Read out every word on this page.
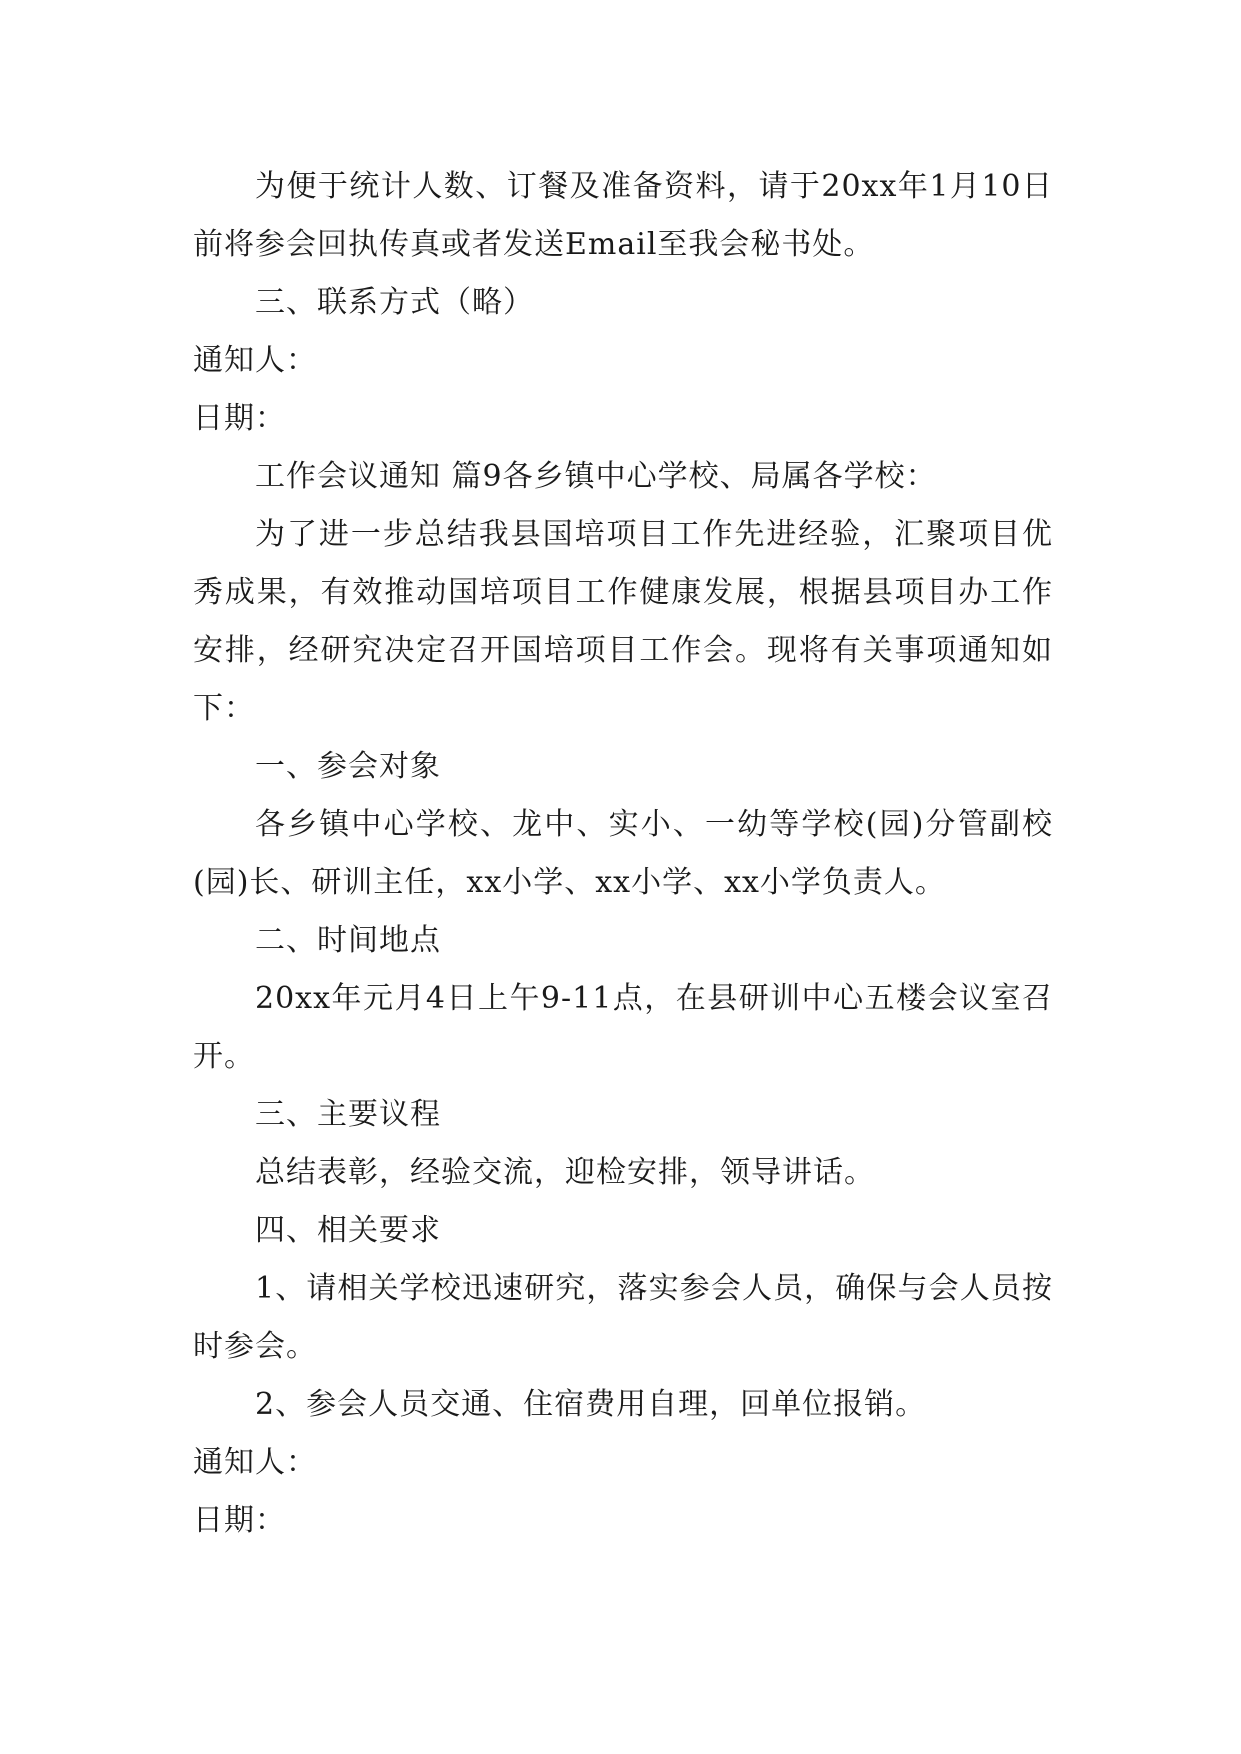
为便于统计人数、订餐及准备资料，请于20xx年1月10日前将参会回执传真或者发送Email至我会秘书处。

三、联系方式（略）

通知人：

日期：

工作会议通知 篇9各乡镇中心学校、局属各学校：

为了进一步总结我县国培项目工作先进经验，汇聚项目优秀成果，有效推动国培项目工作健康发展，根据县项目办工作安排，经研究决定召开国培项目工作会。现将有关事项通知如下：

一、参会对象

各乡镇中心学校、龙中、实小、一幼等学校(园)分管副校(园)长、研训主任，xx小学、xx小学、xx小学负责人。

二、时间地点

20xx年元月4日上午9-11点，在县研训中心五楼会议室召开。

三、主要议程

总结表彰，经验交流，迎检安排，领导讲话。

四、相关要求

1、请相关学校迅速研究，落实参会人员，确保与会人员按时参会。

2、参会人员交通、住宿费用自理，回单位报销。

通知人：

日期：
